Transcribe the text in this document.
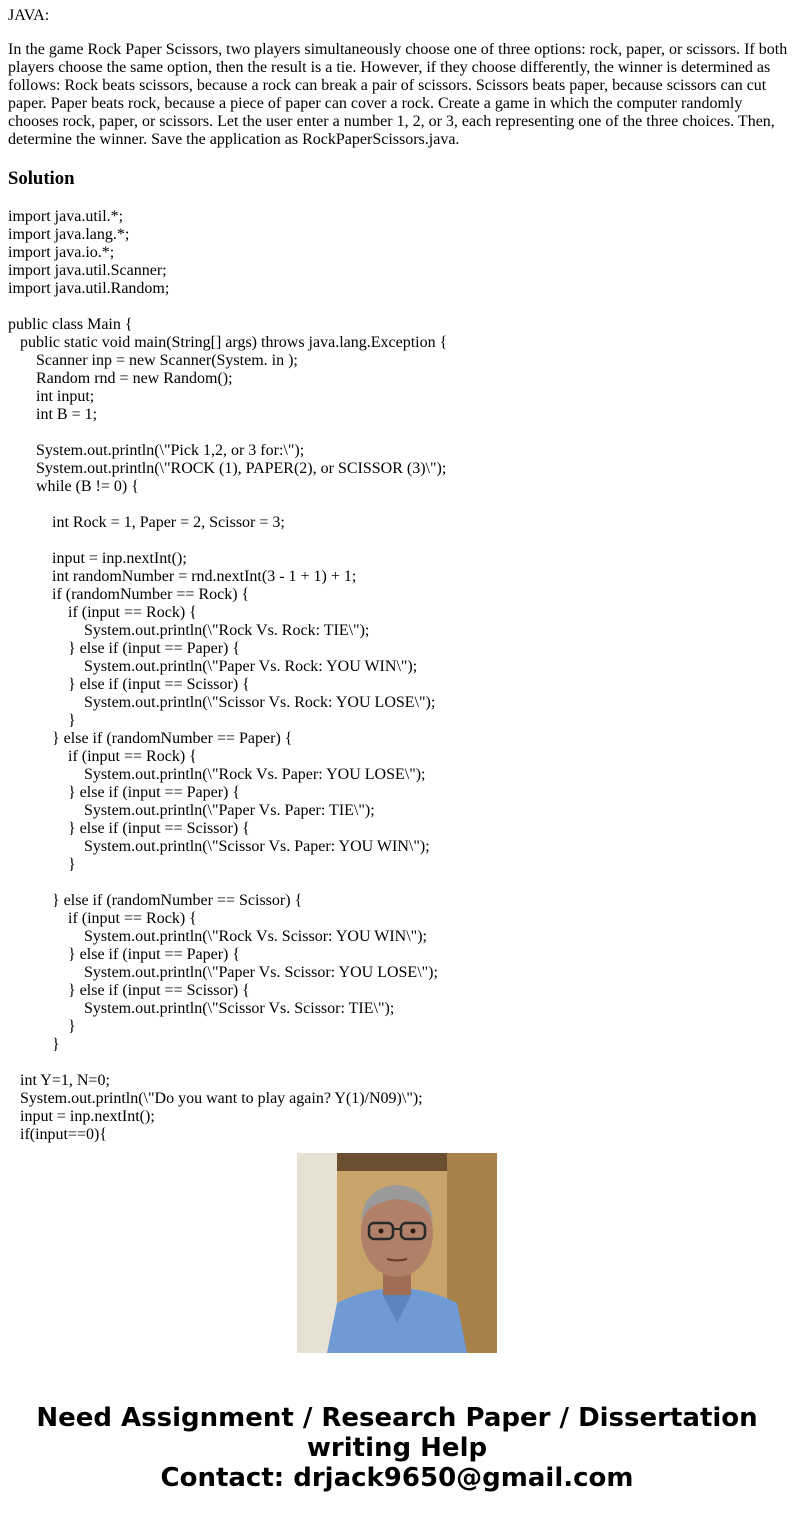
JAVA:
In the game Rock Paper Scissors, two players simultaneously choose one of three options: rock, paper, or scissors. If both players choose the same option, then the result is a tie. However, if they choose differently, the winner is determined as follows: Rock beats scissors, because a rock can break a pair of scissors. Scissors beats paper, because scissors can cut paper. Paper beats rock, because a piece of paper can cover a rock. Create a game in which the computer randomly chooses rock, paper, or scissors. Let the user enter a number 1, 2, or 3, each representing one of the three choices. Then, determine the winner. Save the application as RockPaperScissors.java.
Solution
import java.util.*;
import java.lang.*;
import java.io.*;
import java.util.Scanner;
import java.util.Random;
public class Main {
public static void main(String[] args) throws java.lang.Exception {
Scanner inp = new Scanner(System. in );
Random rnd = new Random();
int input;
int B = 1;
System.out.println(\"Pick 1,2, or 3 for:\");
System.out.println(\"ROCK (1), PAPER(2), or SCISSOR (3)\");
while (B != 0) {
int Rock = 1, Paper = 2, Scissor = 3;
input = inp.nextInt();
int randomNumber = rnd.nextInt(3 - 1 + 1) + 1;
if (randomNumber == Rock) {
if (input == Rock) {
System.out.println(\"Rock Vs. Rock: TIE\");
} else if (input == Paper) {
System.out.println(\"Paper Vs. Rock: YOU WIN\");
} else if (input == Scissor) {
System.out.println(\"Scissor Vs. Rock: YOU LOSE\");
}
} else if (randomNumber == Paper) {
if (input == Rock) {
System.out.println(\"Rock Vs. Paper: YOU LOSE\");
} else if (input == Paper) {
System.out.println(\"Paper Vs. Paper: TIE\");
} else if (input == Scissor) {
System.out.println(\"Scissor Vs. Paper: YOU WIN\");
}
} else if (randomNumber == Scissor) {
if (input == Rock) {
System.out.println(\"Rock Vs. Scissor: YOU WIN\");
} else if (input == Paper) {
System.out.println(\"Paper Vs. Scissor: YOU LOSE\");
} else if (input == Scissor) {
System.out.println(\"Scissor Vs. Scissor: TIE\");
}
}
int Y=1, N=0;
System.out.println(\"Do you want to play again? Y(1)/N09)\");
input = inp.nextInt();
if(input==0){
Need Assignment / Research Paper / Dissertation
writing Help
Contact: drjack9650@gmail.com
